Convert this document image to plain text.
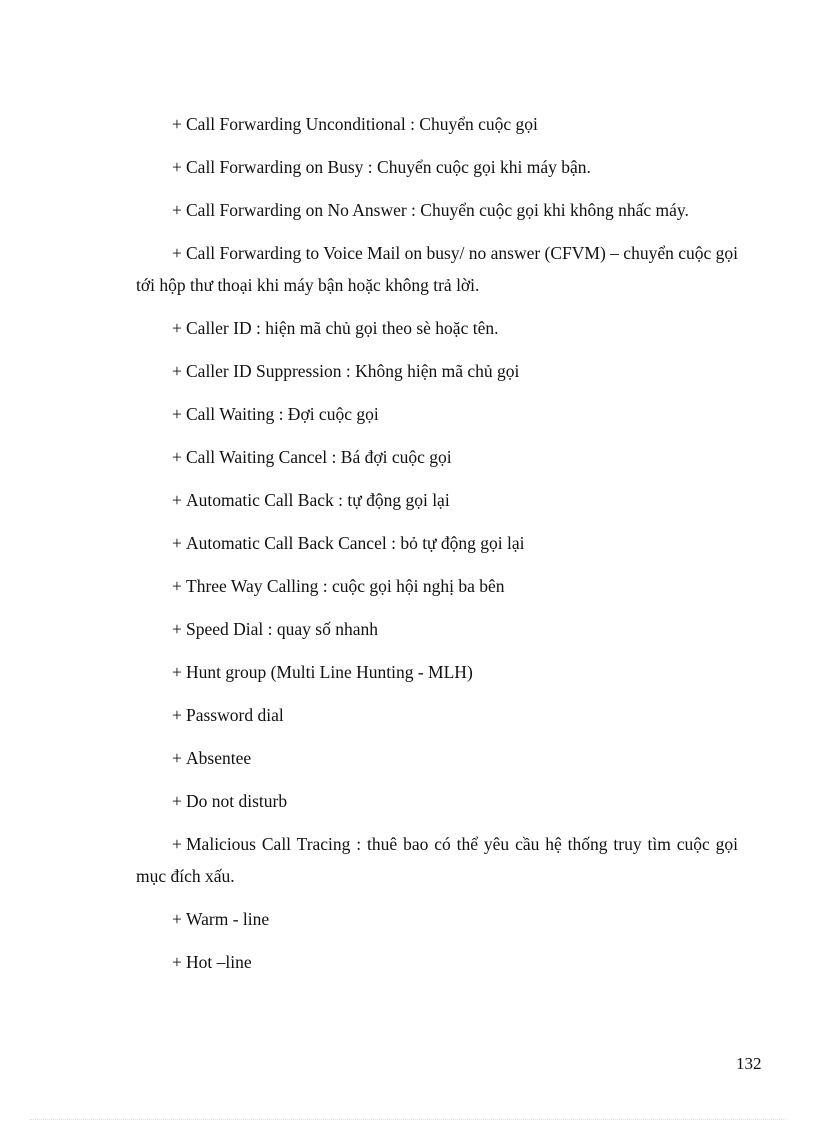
+ Call Forwarding Unconditional : Chuyển cuộc gọi
+ Call Forwarding on Busy : Chuyển cuộc gọi khi máy bận.
+ Call Forwarding on No Answer : Chuyển cuộc gọi khi không nhấc máy.
+ Call Forwarding to Voice Mail on busy/ no answer (CFVM) – chuyển cuộc gọi tới hộp thư thoại khi máy bận hoặc không trả lời.
+ Caller ID : hiện mã chủ gọi theo sè hoặc tên.
+ Caller ID Suppression : Không hiện mã chủ gọi
+ Call Waiting : Đợi cuộc gọi
+ Call Waiting Cancel : Bá đợi cuộc gọi
+ Automatic Call Back : tự động gọi lại
+ Automatic Call Back Cancel : bỏ tự động gọi lại
+ Three Way Calling : cuộc gọi hội nghị ba bên
+ Speed Dial : quay số nhanh
+ Hunt group (Multi Line Hunting - MLH)
+ Password dial
+ Absentee
+ Do not disturb
+ Malicious Call Tracing : thuê bao có thể yêu cầu hệ thống truy tìm cuộc gọi mục đích xấu.
+ Warm - line
+ Hot –line
132
